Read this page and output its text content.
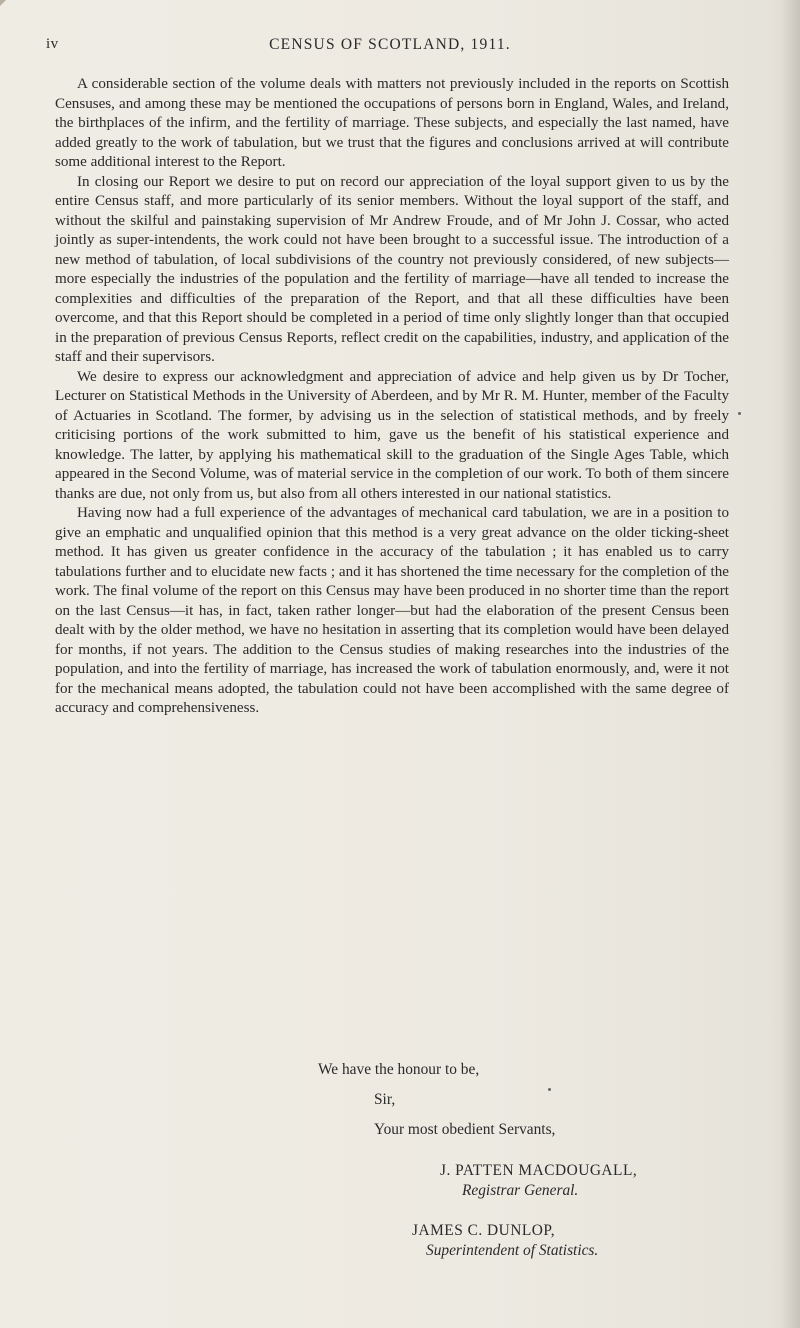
iv	CENSUS OF SCOTLAND, 1911.

A considerable section of the volume deals with matters not previously included in the reports on Scottish Censuses, and among these may be mentioned the occupations of persons born in England, Wales, and Ireland, the birthplaces of the infirm, and the fertility of marriage. These subjects, and especially the last named, have added greatly to the work of tabulation, but we trust that the figures and conclusions arrived at will contribute some additional interest to the Report.

In closing our Report we desire to put on record our appreciation of the loyal support given to us by the entire Census staff, and more particularly of its senior members. Without the loyal support of the staff, and without the skilful and painstaking supervision of Mr Andrew Froude, and of Mr John J. Cossar, who acted jointly as super-intendents, the work could not have been brought to a successful issue. The introduction of a new method of tabulation, of local subdivisions of the country not previously considered, of new subjects—more especially the industries of the population and the fertility of marriage—have all tended to increase the complexities and difficulties of the preparation of the Report, and that all these difficulties have been overcome, and that this Report should be completed in a period of time only slightly longer than that occupied in the preparation of previous Census Reports, reflect credit on the capabilities, industry, and application of the staff and their supervisors.

We desire to express our acknowledgment and appreciation of advice and help given us by Dr Tocher, Lecturer on Statistical Methods in the University of Aberdeen, and by Mr R. M. Hunter, member of the Faculty of Actuaries in Scotland. The former, by advising us in the selection of statistical methods, and by freely criticising portions of the work submitted to him, gave us the benefit of his statistical experience and knowledge. The latter, by applying his mathematical skill to the graduation of the Single Ages Table, which appeared in the Second Volume, was of material service in the completion of our work. To both of them sincere thanks are due, not only from us, but also from all others interested in our national statistics.

Having now had a full experience of the advantages of mechanical card tabulation, we are in a position to give an emphatic and unqualified opinion that this method is a very great advance on the older ticking-sheet method. It has given us greater confidence in the accuracy of the tabulation ; it has enabled us to carry tabulations further and to elucidate new facts ; and it has shortened the time necessary for the completion of the work. The final volume of the report on this Census may have been produced in no shorter time than the report on the last Census—it has, in fact, taken rather longer—but had the elaboration of the present Census been dealt with by the older method, we have no hesitation in asserting that its completion would have been delayed for months, if not years. The addition to the Census studies of making researches into the industries of the population, and into the fertility of marriage, has increased the work of tabulation enormously, and, were it not for the mechanical means adopted, the tabulation could not have been accomplished with the same degree of accuracy and comprehensiveness.

We have the honour to be,
Sir,
Your most obedient Servants,
J. PATTEN MACDOUGALL,
Registrar General.
JAMES C. DUNLOP,
Superintendent of Statistics.
